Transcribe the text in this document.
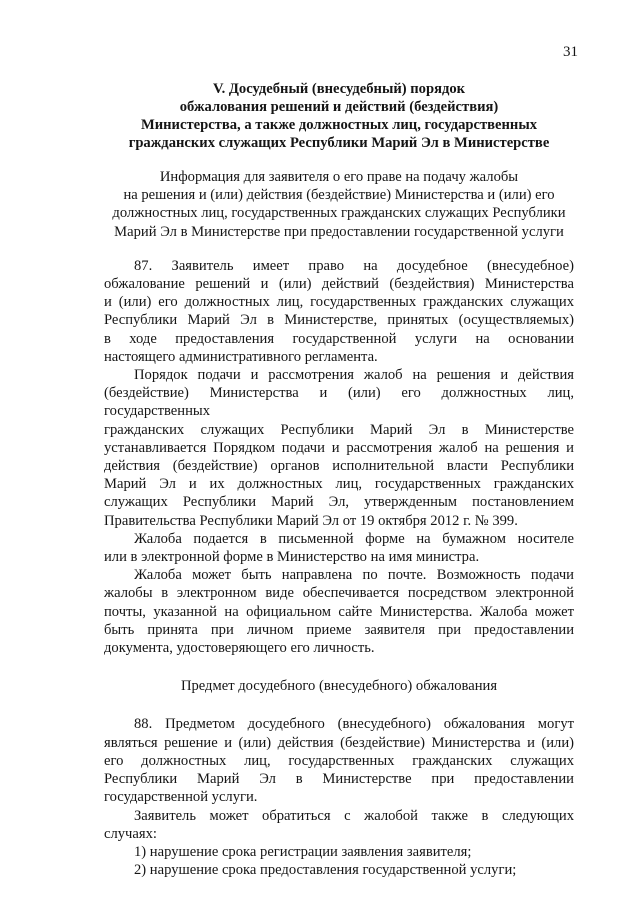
31
V. Досудебный (внесудебный) порядок
обжалования решений и действий (бездействия)
Министерства, а также должностных лиц, государственных
гражданских служащих Республики Марий Эл в Министерстве
Информация для заявителя о его праве на подачу жалобы
на решения и (или) действия (бездействие) Министерства и (или) его
должностных лиц, государственных гражданских служащих Республики
Марий Эл в Министерстве при предоставлении государственной услуги

87. Заявитель имеет право на досудебное (внесудебное)
обжалование решений и (или) действий (бездействия) Министерства
и (или) его должностных лиц, государственных гражданских служащих
Республики Марий Эл в Министерстве, принятых (осуществляемых)
в ходе предоставления государственной услуги на основании
настоящего административного регламента.

Порядок подачи и рассмотрения жалоб на решения и действия
(бездействие) Министерства и (или) его должностных лиц, государственных
гражданских служащих Республики Марий Эл в Министерстве
устанавливается Порядком подачи и рассмотрения жалоб на решения и
действия (бездействие) органов исполнительной власти Республики
Марий Эл и их должностных лиц, государственных гражданских
служащих Республики Марий Эл, утвержденным постановлением
Правительства Республики Марий Эл от 19 октября 2012 г. № 399.

Жалоба подается в письменной форме на бумажном носителе
или в электронной форме в Министерство на имя министра.

Жалоба может быть направлена по почте. Возможность подачи
жалобы в электронном виде обеспечивается посредством электронной
почты, указанной на официальном сайте Министерства. Жалоба может
быть принята при личном приеме заявителя при предоставлении
документа, удостоверяющего его личность.

Предмет досудебного (внесудебного) обжалования

88. Предметом досудебного (внесудебного) обжалования могут
являться решение и (или) действия (бездействие) Министерства и (или)
его должностных лиц, государственных гражданских служащих
Республики Марий Эл в Министерстве при предоставлении
государственной услуги.

Заявитель может обратиться с жалобой также в следующих
случаях:

1) нарушение срока регистрации заявления заявителя;
2) нарушение срока предоставления государственной услуги;
